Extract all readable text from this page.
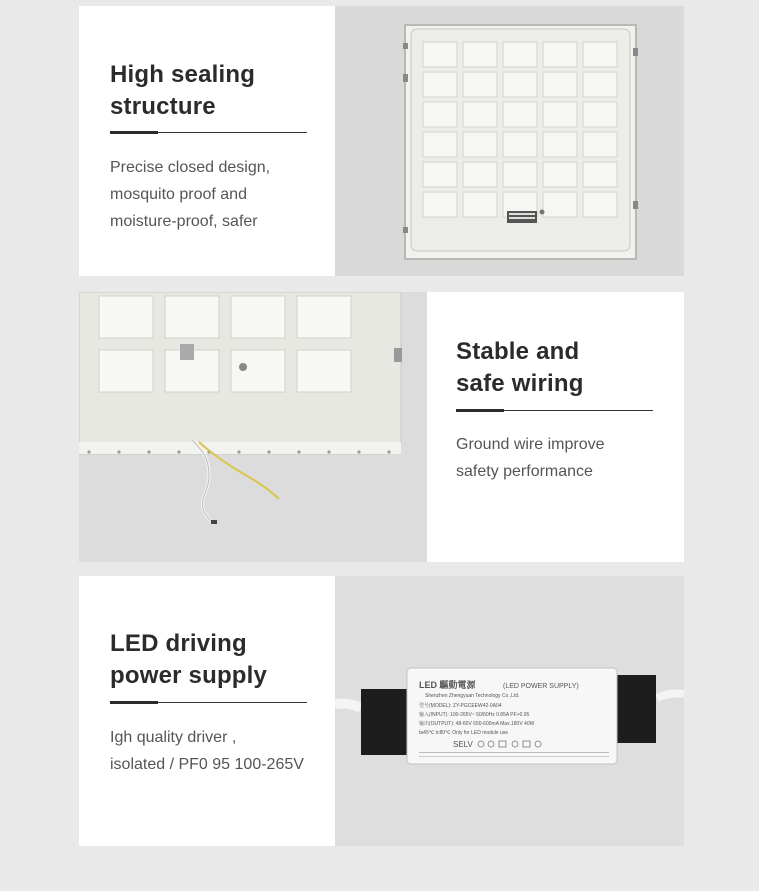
High sealing
structure

Precise closed design,
mosquito proof and
moisture-proof, safer

Stable and
safe wiring

Ground wire improve
safety performance

LED driving
power supply

Igh quality driver ,
isolated / PF0 95 100-265V

LED 驅動電源	(LED POWER SUPPLY)
Shenzhen Zhengyuan Technology Co.,Ltd.
型号(MODEL): ZY-PGCEEW42-0A04
输入(INPUT): 100-265V~ 50/60Hz 0.85A PF>0.95
输出(OUTPUT): 48-60V 650-600mA Max.180V 40W
ta45℃ tc80℃ Only for LED module use
SELV
